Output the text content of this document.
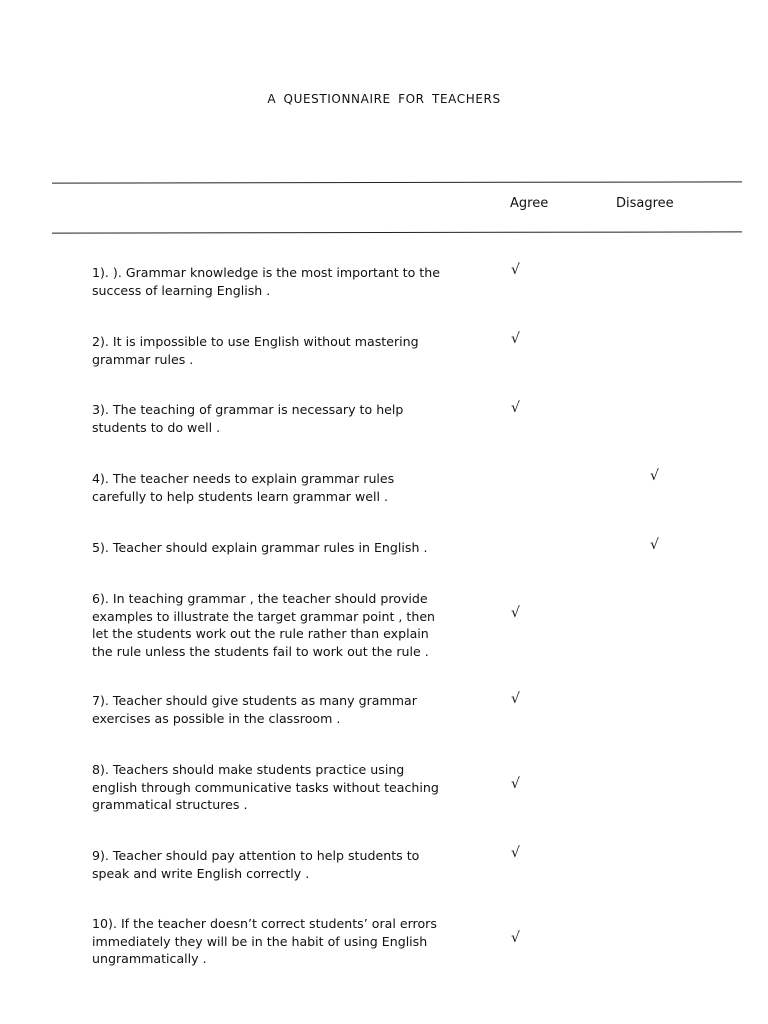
A QUESTIONNAIRE FOR TEACHERS
Agree	Disagree
1). ). Grammar knowledge is the most important to the success of learning English .
√
2). It is impossible to use English without mastering grammar rules .
√
3). The teaching of grammar is necessary to help students to do well .
√
4). The teacher needs to explain grammar rules carefully to help students learn grammar well .
√
5). Teacher should explain grammar rules in English .	√
6). In teaching grammar , the teacher should provide examples to illustrate the target grammar point , then let the students work out the rule rather than explain the rule unless the students fail to work out the rule .
√
7). Teacher should give students as many grammar exercises as possible in the classroom .
√
8). Teachers should make students practice using english through communicative tasks without teaching grammatical structures .
√
9). Teacher should pay attention to help students to speak and write English correctly .
√
10). If the teacher doesn’t correct students’ oral errors immediately they will be in the habit of using English ungrammatically .
√
